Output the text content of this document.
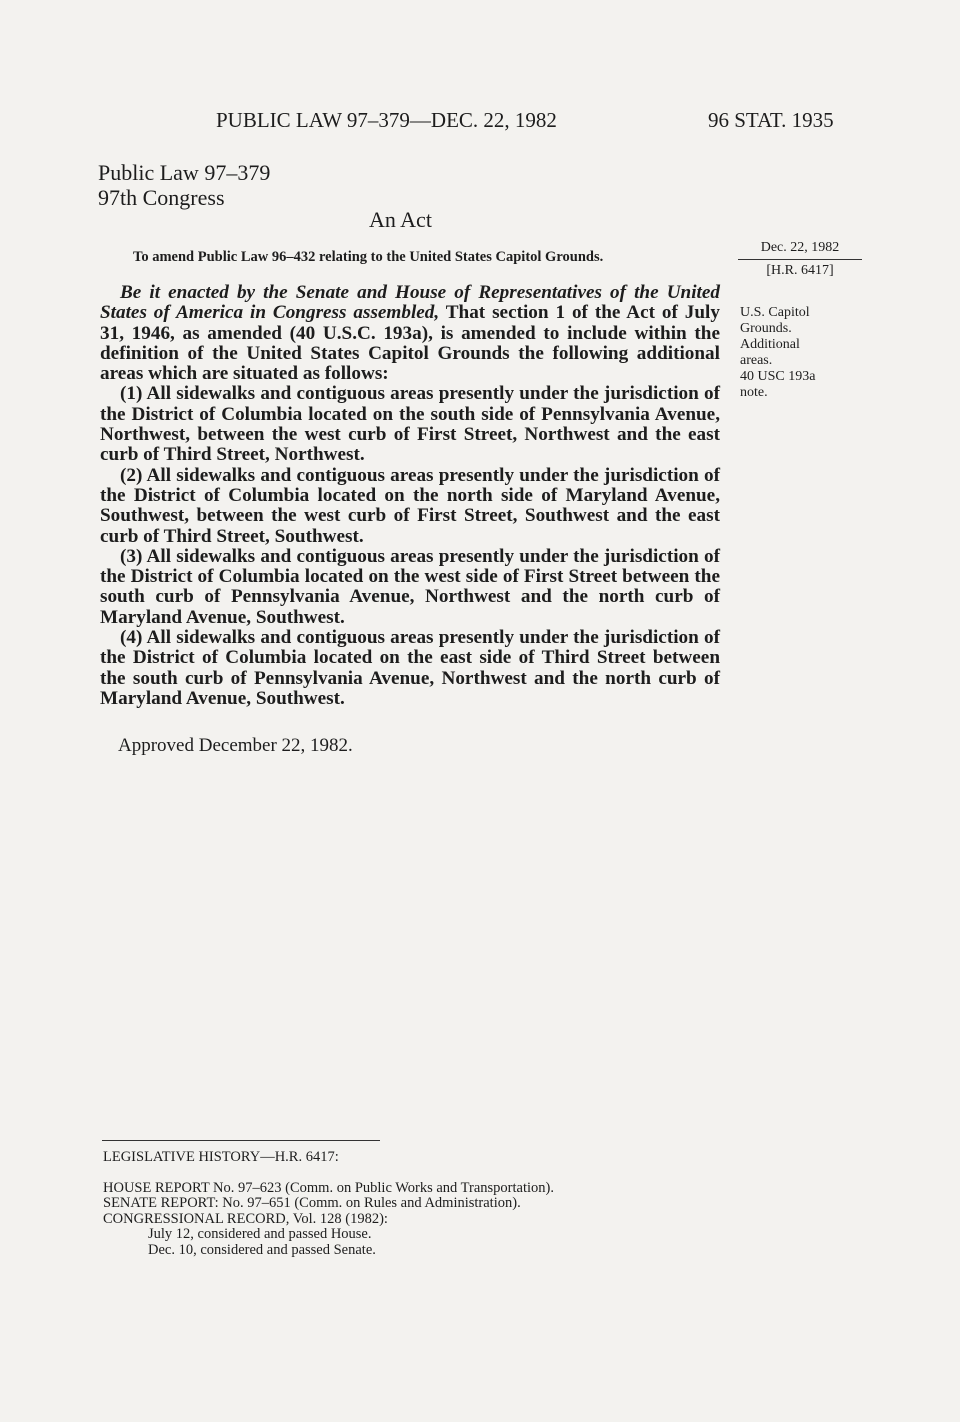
PUBLIC LAW 97–379—DEC. 22, 1982	96 STAT. 1935
Public Law 97–379
97th Congress
An Act
To amend Public Law 96–432 relating to the United States Capitol Grounds.
Dec. 22, 1982
[H.R. 6417]

Be it enacted by the Senate and House of Representatives of the United States of America in Congress assembled, That section 1 of the Act of July 31, 1946, as amended (40 U.S.C. 193a), is amended to include within the definition of the United States Capitol Grounds the following additional areas which are situated as follows:

(1) All sidewalks and contiguous areas presently under the jurisdiction of the District of Columbia located on the south side of Pennsylvania Avenue, Northwest, between the west curb of First Street, Northwest and the east curb of Third Street, Northwest.

(2) All sidewalks and contiguous areas presently under the jurisdiction of the District of Columbia located on the north side of Maryland Avenue, Southwest, between the west curb of First Street, Southwest and the east curb of Third Street, Southwest.

(3) All sidewalks and contiguous areas presently under the jurisdiction of the District of Columbia located on the west side of First Street between the south curb of Pennsylvania Avenue, Northwest and the north curb of Maryland Avenue, Southwest.

(4) All sidewalks and contiguous areas presently under the jurisdiction of the District of Columbia located on the east side of Third Street between the south curb of Pennsylvania Avenue, Northwest and the north curb of Maryland Avenue, Southwest.

U.S. Capitol
Grounds.
Additional
areas.
40 USC 193a
note.
Approved December 22, 1982.
LEGISLATIVE HISTORY—H.R. 6417:
HOUSE REPORT No. 97–623 (Comm. on Public Works and Transportation).
SENATE REPORT: No. 97–651 (Comm. on Rules and Administration).
CONGRESSIONAL RECORD, Vol. 128 (1982):
July 12, considered and passed House.
Dec. 10, considered and passed Senate.
